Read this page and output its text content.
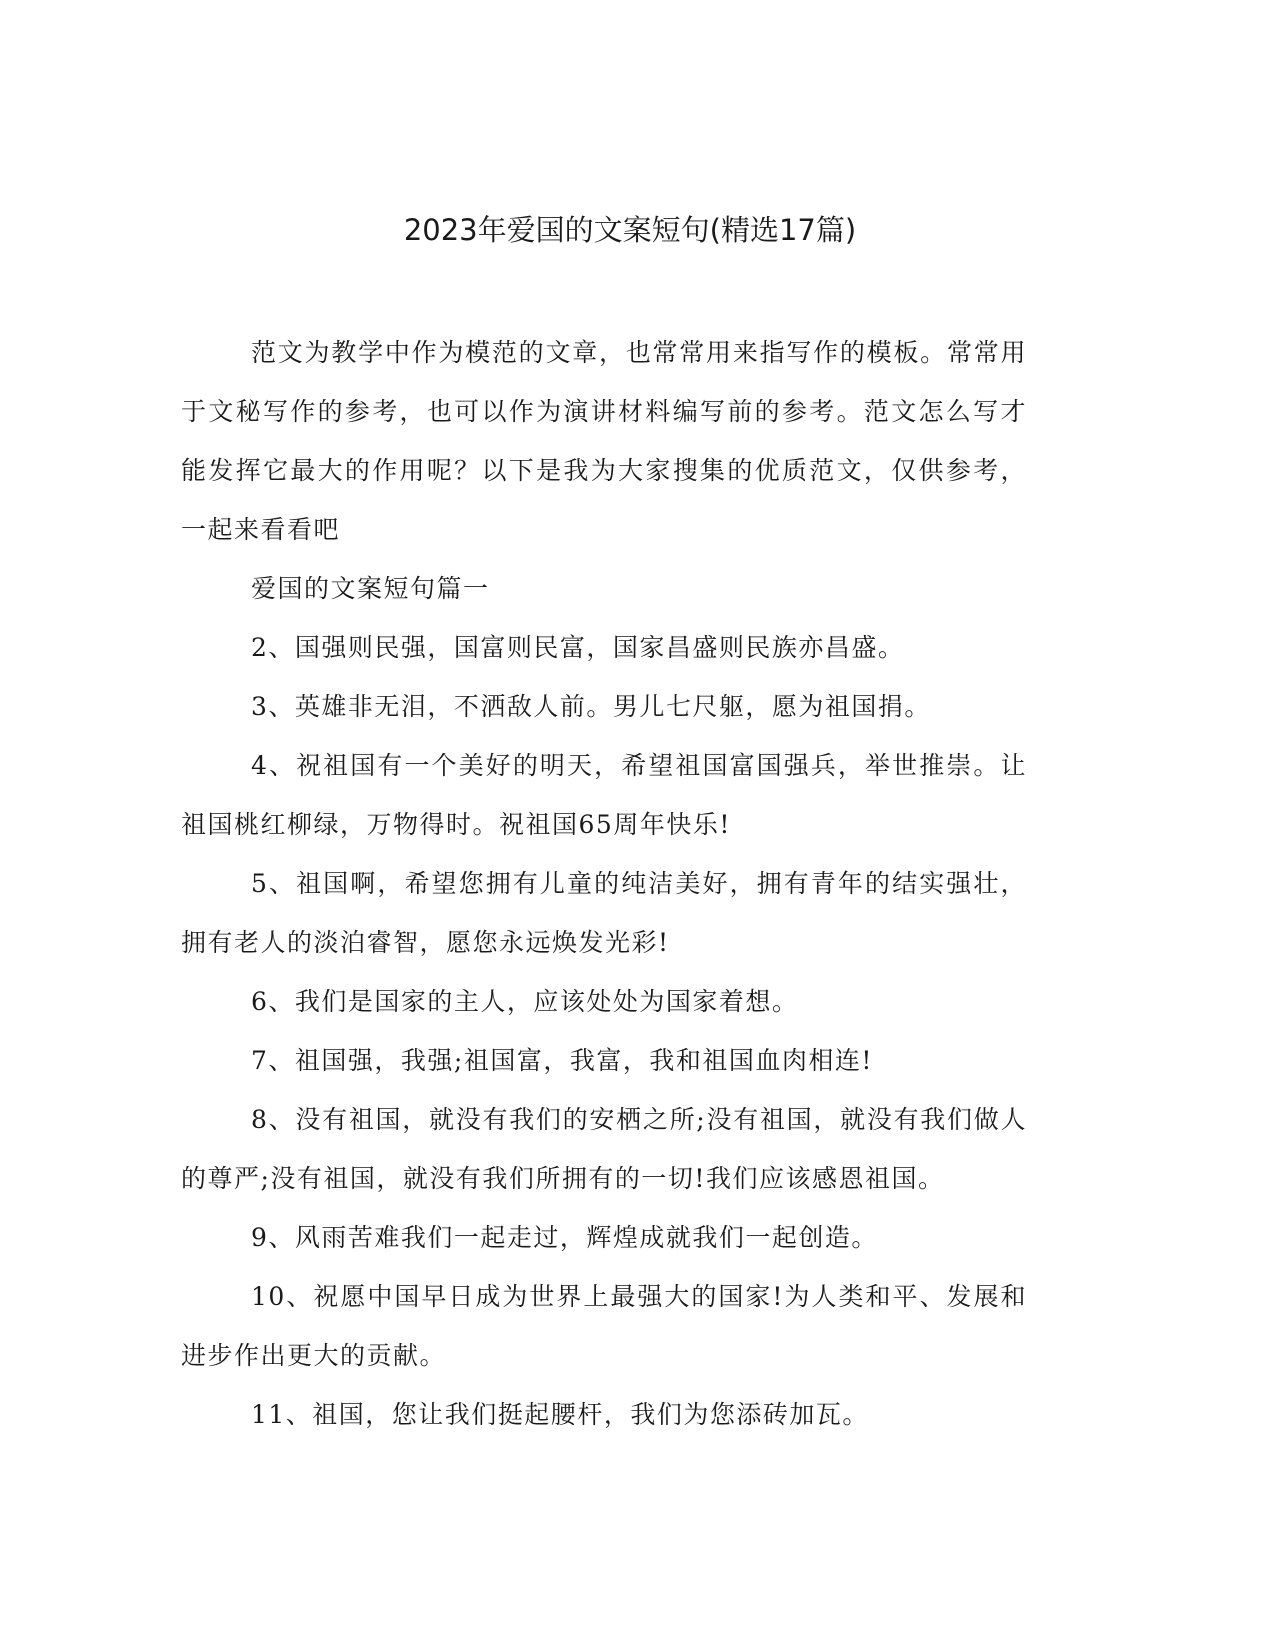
2023年爱国的文案短句(精选17篇)

范文为教学中作为模范的文章，也常常用来指写作的模板。常常用于文秘写作的参考，也可以作为演讲材料编写前的参考。范文怎么写才能发挥它最大的作用呢？以下是我为大家搜集的优质范文，仅供参考，一起来看看吧

爱国的文案短句篇一

2、国强则民强，国富则民富，国家昌盛则民族亦昌盛。

3、英雄非无泪，不洒敌人前。男儿七尺躯，愿为祖国捐。

4、祝祖国有一个美好的明天，希望祖国富国强兵，举世推崇。让祖国桃红柳绿，万物得时。祝祖国65周年快乐!

5、祖国啊，希望您拥有儿童的纯洁美好，拥有青年的结实强壮，拥有老人的淡泊睿智，愿您永远焕发光彩!

6、我们是国家的主人，应该处处为国家着想。

7、祖国强，我强;祖国富，我富，我和祖国血肉相连!

8、没有祖国，就没有我们的安栖之所;没有祖国，就没有我们做人的尊严;没有祖国，就没有我们所拥有的一切!我们应该感恩祖国。

9、风雨苦难我们一起走过，辉煌成就我们一起创造。

10、祝愿中国早日成为世界上最强大的国家!为人类和平、发展和进步作出更大的贡献。

11、祖国，您让我们挺起腰杆，我们为您添砖加瓦。
